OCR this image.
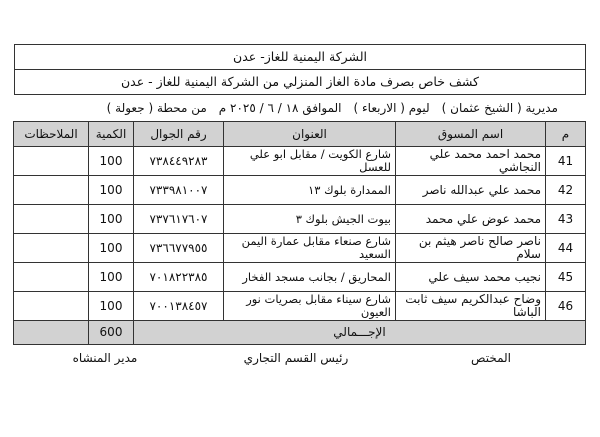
الشركة اليمنية للغاز- عدن
كشف خاص بصرف مادة الغاز المنزلي من الشركة اليمنية للغاز - عدن
مديرية ( الشيخ عثمان )
ليوم ( الاربعاء )
الموافق ١٨ / ٦ / ٢٠٢٥ م
من محطة ( جعولة )
م	اسم المسوق	العنوان	رقم الجوال	الكمية	الملاحظات
41	محمد احمد محمد علي النجاشي	شارع الكويت / مقابل ابو علي للعسل	٧٣٨٤٤٩٢٨٣	100	
42	محمد علي عبدالله ناصر	الممدارة بلوك ١٣	٧٣٣٩٨١٠٠٧	100	
43	محمد عوض علي محمد	بيوت الجيش بلوك ٣	٧٣٧٦١٧٦٠٧	100	
44	ناصر صالح ناصر هيثم بن سلام	شارع صنعاء مقابل عمارة اليمن السعيد	٧٣٦٦٧٧٩٥٥	100	
45	نجيب محمد سيف علي	المحاريق / بجانب مسجد الفخار	٧٠١٨٢٢٣٨٥	100	
46	وضاح عبدالكريم سيف ثابت الباشا	شارع سيناء مقابل بصريات نور العيون	٧٠٠١٣٨٤٥٧	100	
الإجـــمالي				600	
المختص
رئيس القسم التجاري
مدير المنشاه
